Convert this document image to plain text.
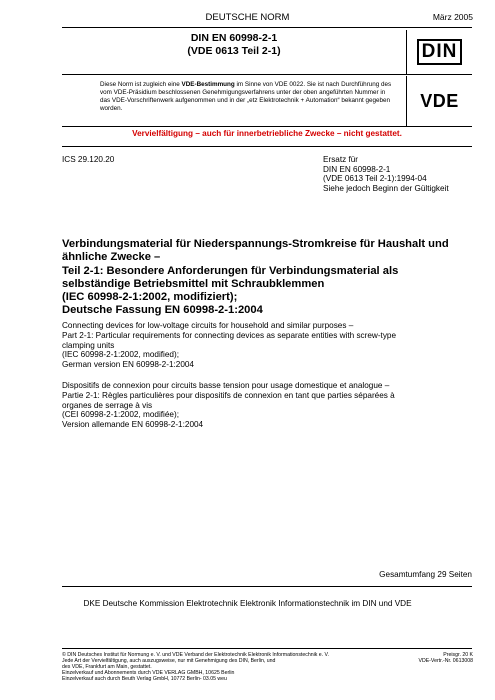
DEUTSCHE NORM	März 2005
DIN EN 60998-2-1
(VDE 0613 Teil 2-1)	DIN
Diese Norm ist zugleich eine VDE-Bestimmung im Sinne von VDE 0022. Sie ist nach Durchführung des vom VDE-Präsidium beschlossenen Genehmigungsverfahrens unter der oben angeführten Nummer in das VDE-Vorschriftenwerk aufgenommen und in der „etz Elektrotechnik + Automation“ bekannt gegeben worden.	VDE
Vervielfältigung – auch für innerbetriebliche Zwecke – nicht gestattet.
ICS 29.120.20	Ersatz für
DIN EN 60998-2-1
(VDE 0613 Teil 2-1):1994-04
Siehe jedoch Beginn der Gültigkeit
Verbindungsmaterial für Niederspannungs-Stromkreise für Haushalt und
ähnliche Zwecke –
Teil 2-1: Besondere Anforderungen für Verbindungsmaterial als
selbständige Betriebsmittel mit Schraubklemmen
(IEC 60998-2-1:2002, modifiziert);
Deutsche Fassung EN 60998-2-1:2004
Connecting devices for low-voltage circuits for household and similar purposes –
Part 2-1: Particular requirements for connecting devices as separate entities with screw-type
clamping units
(IEC 60998-2-1:2002, modified);
German version EN 60998-2-1:2004
Dispositifs de connexion pour circuits basse tension pour usage domestique et analogue –
Partie 2-1: Règles particulières pour dispositifs de connexion en tant que parties séparées à
organes de serrage à vis
(CEI 60998-2-1:2002, modifiée);
Version allemande EN 60998-2-1:2004
Gesamtumfang 29 Seiten
DKE Deutsche Kommission Elektrotechnik Elektronik Informationstechnik im DIN und VDE
© DIN Deutsches Institut für Normung e. V. und VDE Verband der Elektrotechnik Elektronik Informationstechnik e. V.
Jede Art der Vervielfältigung, auch auszugsweise, nur mit Genehmigung des DIN, Berlin, und
des VDE, Frankfurt am Main, gestattet.
Einzelverkauf und Abonnements durch VDE VERLAG GMBH, 10625 Berlin
Einzelverkauf auch durch Beuth Verlag GmbH, 10772 Berlin- 03.05 weu
Preisgr. 20 K
VDE-Vertr.-Nr. 0613008
